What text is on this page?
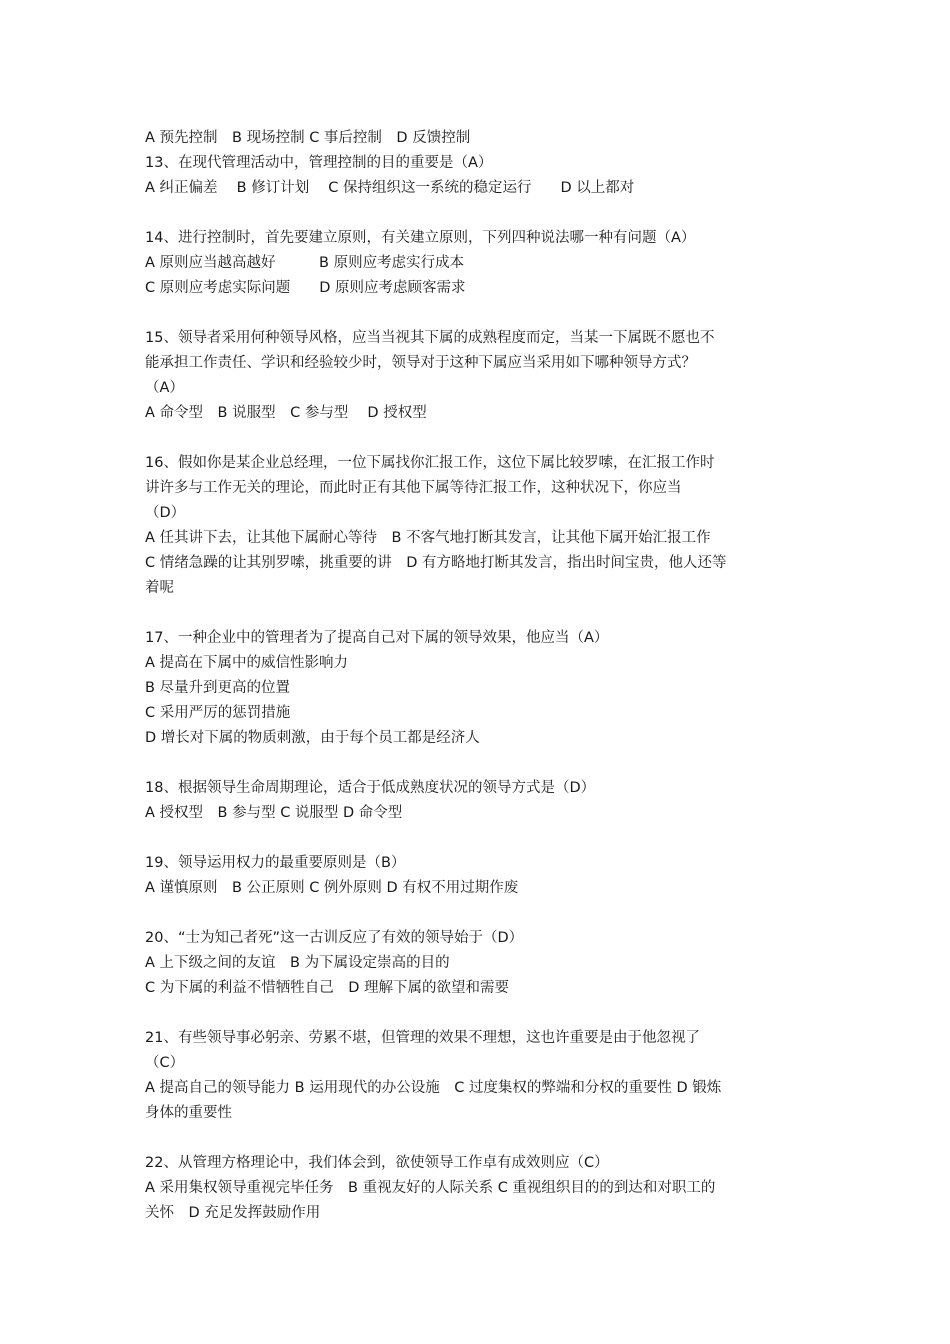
A 预先控制　B 现场控制 C 事后控制　D 反馈控制
13、在现代管理活动中，管理控制的目的重要是（A）
A 纠正偏差　 B 修订计划　 C 保持组织这一系统的稳定运行　　D 以上都对
14、进行控制时，首先要建立原则，有关建立原则，下列四种说法哪一种有问题（A）
A 原则应当越高越好　　　B 原则应考虑实行成本
C 原则应考虑实际问题　　D 原则应考虑顾客需求
15、领导者采用何种领导风格，应当当视其下属的成熟程度而定，当某一下属既不愿也不
能承担工作责任、学识和经验较少时，领导对于这种下属应当采用如下哪种领导方式？
（A）
A 命令型　B 说服型　C 参与型　 D 授权型
16、假如你是某企业总经理，一位下属找你汇报工作，这位下属比较罗嗦，在汇报工作时
讲许多与工作无关的理论，而此时正有其他下属等待汇报工作，这种状况下，你应当
（D）
A 任其讲下去，让其他下属耐心等待　B 不客气地打断其发言，让其他下属开始汇报工作
C 情绪急躁的让其别罗嗦，挑重要的讲　D 有方略地打断其发言，指出时间宝贵，他人还等
着呢
17、一种企业中的管理者为了提高自己对下属的领导效果，他应当（A）
A 提高在下属中的威信性影响力
B 尽量升到更高的位置
C 采用严厉的惩罚措施
D 增长对下属的物质刺激，由于每个员工都是经济人
18、根据领导生命周期理论，适合于低成熟度状况的领导方式是（D）
A 授权型　B 参与型 C 说服型 D 命令型
19、领导运用权力的最重要原则是（B）
A 谨慎原则　B 公正原则 C 例外原则 D 有权不用过期作废
20、“士为知己者死”这一古训反应了有效的领导始于（D）
A 上下级之间的友谊　B 为下属设定崇高的目的
C 为下属的利益不惜牺牲自己　D 理解下属的欲望和需要
21、有些领导事必躬亲、劳累不堪，但管理的效果不理想，这也许重要是由于他忽视了
（C）
A 提高自己的领导能力 B 运用现代的办公设施　C 过度集权的弊端和分权的重要性 D 锻炼
身体的重要性
22、从管理方格理论中，我们体会到，欲使领导工作卓有成效则应（C）
A 采用集权领导重视完毕任务　B 重视友好的人际关系 C 重视组织目的的到达和对职工的
关怀　D 充足发挥鼓励作用
